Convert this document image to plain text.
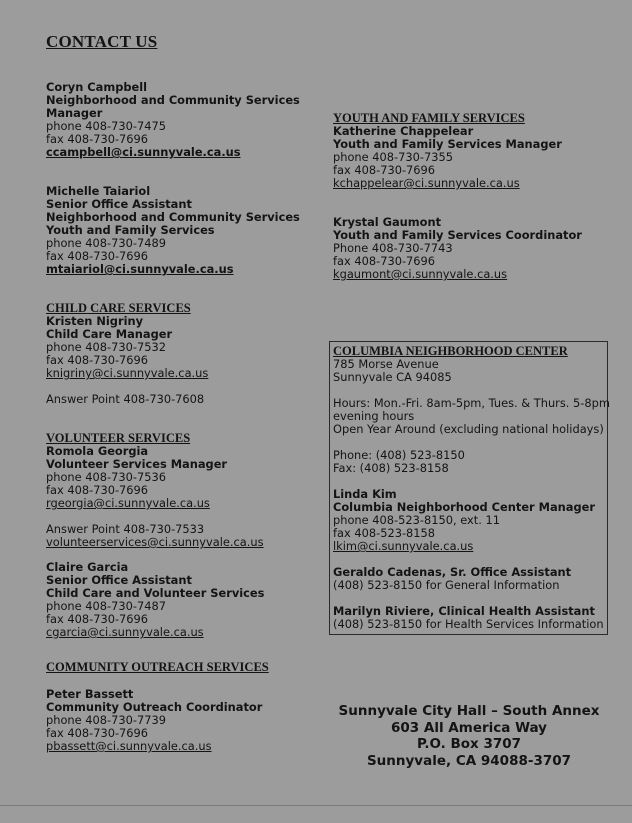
CONTACT US
Coryn Campbell
Neighborhood and Community Services
Manager
phone 408-730-7475
fax 408-730-7696
ccampbell@ci.sunnyvale.ca.us
Michelle Taiariol
Senior Office Assistant
Neighborhood and Community Services
Youth and Family Services
phone 408-730-7489
fax 408-730-7696
mtaiariol@ci.sunnyvale.ca.us
CHILD CARE SERVICES
Kristen Nigriny
Child Care Manager
phone 408-730-7532
fax 408-730-7696
knigriny@ci.sunnyvale.ca.us
Answer Point 408-730-7608
VOLUNTEER SERVICES
Romola Georgia
Volunteer Services Manager
phone 408-730-7536
fax 408-730-7696
rgeorgia@ci.sunnyvale.ca.us
Answer Point 408-730-7533
volunteerservices@ci.sunnyvale.ca.us
Claire Garcia
Senior Office Assistant
Child Care and Volunteer Services
phone 408-730-7487
fax 408-730-7696
cgarcia@ci.sunnyvale.ca.us
COMMUNITY OUTREACH SERVICES
Peter Bassett
Community Outreach Coordinator
phone 408-730-7739
fax 408-730-7696
pbassett@ci.sunnyvale.ca.us
YOUTH AND FAMILY SERVICES
Katherine Chappelear
Youth and Family Services Manager
phone 408-730-7355
fax 408-730-7696
kchappelear@ci.sunnyvale.ca.us
Krystal Gaumont
Youth and Family Services Coordinator
Phone 408-730-7743
fax 408-730-7696
kgaumont@ci.sunnyvale.ca.us
COLUMBIA NEIGHBORHOOD CENTER
785 Morse Avenue
Sunnyvale CA 94085
Hours: Mon.-Fri. 8am-5pm, Tues. & Thurs. 5-8pm
evening hours
Open Year Around (excluding national holidays)
Phone: (408) 523-8150
Fax: (408) 523-8158
Linda Kim
Columbia Neighborhood Center Manager
phone 408-523-8150, ext. 11
fax 408-523-8158
lkim@ci.sunnyvale.ca.us
Geraldo Cadenas, Sr. Office Assistant
(408) 523-8150 for General Information
Marilyn Riviere, Clinical Health Assistant
(408) 523-8150 for Health Services Information
Sunnyvale City Hall – South Annex
603 All America Way
P.O. Box 3707
Sunnyvale, CA 94088-3707
